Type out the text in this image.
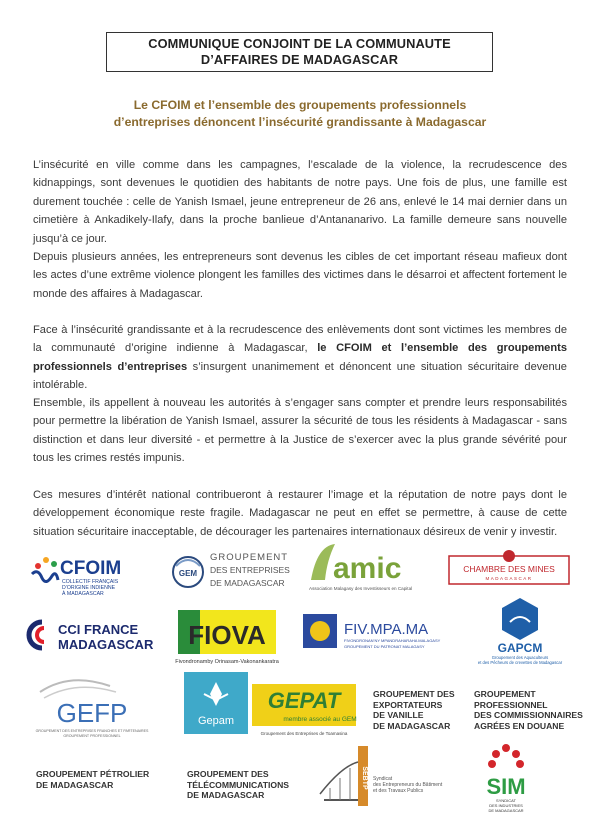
COMMUNIQUE CONJOINT DE LA COMMUNAUTE
D’AFFAIRES DE MADAGASCAR
Le CFOIM et l’ensemble des groupements professionnels
d’entreprises dénoncent l’insécurité grandissante à Madagascar

L’insécurité en ville comme dans les campagnes, l’escalade de la violence, la recrudescence des kidnappings, sont devenues le quotidien des habitants de notre pays. Une fois de plus, une famille est durement touchée : celle de Yanish Ismael, jeune entrepreneur de 26 ans, enlevé le 14 mai dernier dans un cimetière à Ankadikely-Ilafy, dans la proche banlieue d’Antananarivo. La famille demeure sans nouvelle jusqu’à ce jour.

Depuis plusieurs années, les entrepreneurs sont devenus les cibles de cet important réseau mafieux dont les actes d’une extrême violence plongent les familles des victimes dans le désarroi et affectent fortement le monde des affaires à Madagascar.

Face à l’insécurité grandissante et à la recrudescence des enlèvements dont sont victimes les membres de la communauté d’origine indienne à Madagascar, le CFOIM et l’ensemble des groupements professionnels d’entreprises s’insurgent unanimement et dénoncent une situation sécuritaire devenue intolérable.

Ensemble, ils appellent à nouveau les autorités à s’engager sans compter et prendre leurs responsabilités pour permettre la libération de Yanish Ismael, assurer la sécurité de tous les résidents à Madagascar - sans distinction et dans leur diversité - et permettre à la Justice de s’exercer avec la plus grande sévérité pour tous les crimes restés impunis.

Ces mesures d’intérêt national contribueront à restaurer l’image et la réputation de notre pays dont le développement économique reste fragile. Madagascar ne peut en effet se permettre, à cause de cette situation sécuritaire inacceptable, de décourager les partenaires internationaux désireux de venir y investir.

CFOIM
COLLECTIF FRANÇAIS
D’ORIGINE INDIENNE
À MADAGASCAR
GEM
GROUPEMENT
DES ENTREPRISES
DE MADAGASCAR amic
Association Malagasy des Investisseurs en Capital
CHAMBRE DES MINES
MADAGASCAR
CCI FRANCE
MADAGASCAR FIOVA
Fivondronamby Orinasam-Vakonankaratra
FIV.MPA.MA
FIVONDRONAN’NY MPANDRAHARAHA MALAGASY
GROUPEMENT DU PATRONAT MALAGASY	GAPCM
Groupement des Aquaculteurs
et des Pêcheurs de crevettes de Madagascar
GEFP
GROUPEMENT DES ENTREPRISES FRANCHES ET PARTENAIRES
GROUPEMENT PROFESSIONNEL
Gepam
GEPAT
membre associé au GEM
Groupement des Entreprises de Toamasina
GROUPEMENT DES
EXPORTATEURS
DE VANILLE
DE MADAGASCAR
GROUPEMENT
PROFESSIONNEL
DES COMMISSIONNAIRES
AGRÉES EN DOUANE
GROUPEMENT PÉTROLIER
DE MADAGASCAR
GROUPEMENT DES
TÉLÉCOMMUNICATIONS
DE MADAGASCAR
SEBTP Syndicat
des Entrepreneurs du Bâtiment
et des Travaux Publics	SIM
SYNDICAT
DES INDUSTRIES
DE MADAGASCAR
